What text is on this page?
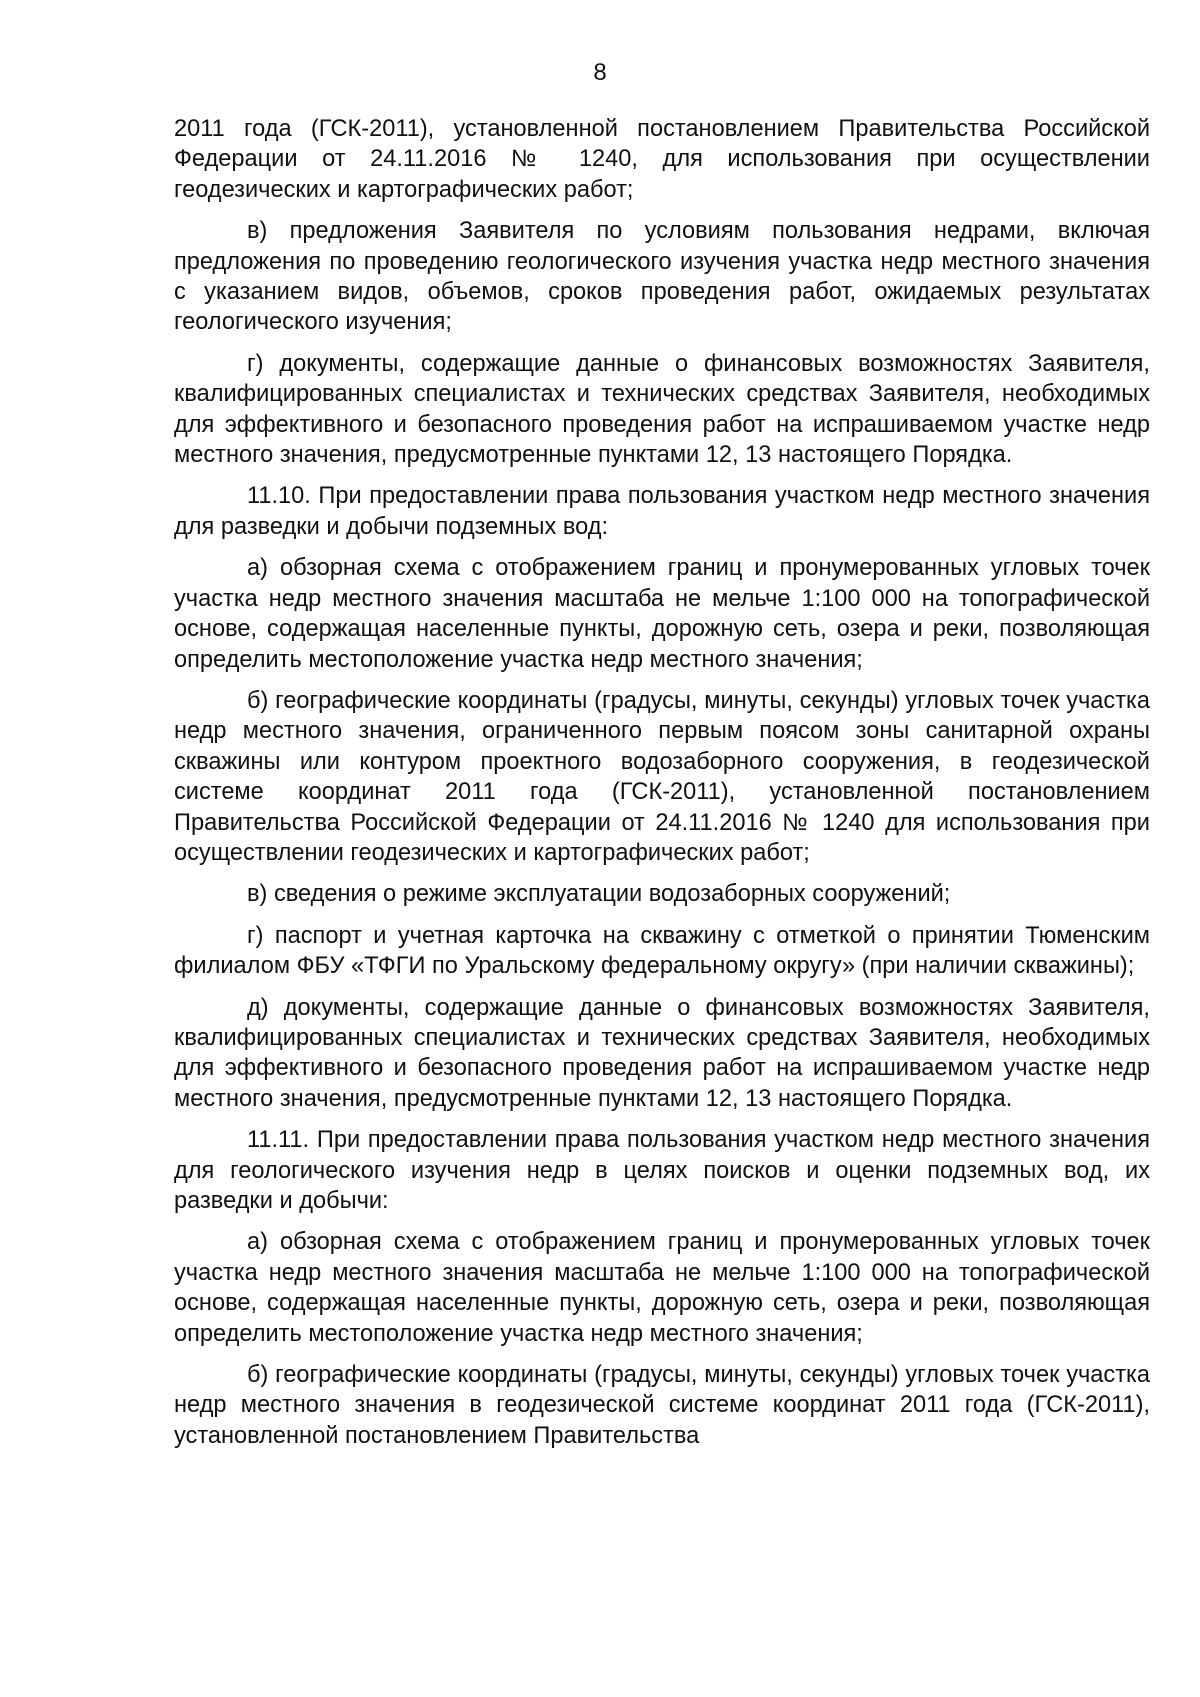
8

2011 года (ГСК-2011), установленной постановлением Правительства Российской Федерации от 24.11.2016 № 1240, для использования при осуществлении геодезических и картографических работ;

в) предложения Заявителя по условиям пользования недрами, включая предложения по проведению геологического изучения участка недр местного значения с указанием видов, объемов, сроков проведения работ, ожидаемых результатах геологического изучения;

г) документы, содержащие данные о финансовых возможностях Заявителя, квалифицированных специалистах и технических средствах Заявителя, необходимых для эффективного и безопасного проведения работ на испрашиваемом участке недр местного значения, предусмотренные пунктами 12, 13 настоящего Порядка.

11.10. При предоставлении права пользования участком недр местного значения для разведки и добычи подземных вод:

а) обзорная схема с отображением границ и пронумерованных угловых точек участка недр местного значения масштаба не мельче 1:100 000 на топографической основе, содержащая населенные пункты, дорожную сеть, озера и реки, позволяющая определить местоположение участка недр местного значения;

б) географические координаты (градусы, минуты, секунды) угловых точек участка недр местного значения, ограниченного первым поясом зоны санитарной охраны скважины или контуром проектного водозаборного сооружения, в геодезической системе координат 2011 года (ГСК-2011), установленной постановлением Правительства Российской Федерации от 24.11.2016 № 1240 для использования при осуществлении геодезических и картографических работ;

в) сведения о режиме эксплуатации водозаборных сооружений;

г) паспорт и учетная карточка на скважину с отметкой о принятии Тюменским филиалом ФБУ «ТФГИ по Уральскому федеральному округу» (при наличии скважины);

д) документы, содержащие данные о финансовых возможностях Заявителя, квалифицированных специалистах и технических средствах Заявителя, необходимых для эффективного и безопасного проведения работ на испрашиваемом участке недр местного значения, предусмотренные пунктами 12, 13 настоящего Порядка.

11.11. При предоставлении права пользования участком недр местного значения для геологического изучения недр в целях поисков и оценки подземных вод, их разведки и добычи:

а) обзорная схема с отображением границ и пронумерованных угловых точек участка недр местного значения масштаба не мельче 1:100 000 на топографической основе, содержащая населенные пункты, дорожную сеть, озера и реки, позволяющая определить местоположение участка недр местного значения;

б) географические координаты (градусы, минуты, секунды) угловых точек участка недр местного значения в геодезической системе координат 2011 года (ГСК-2011), установленной постановлением Правительства
